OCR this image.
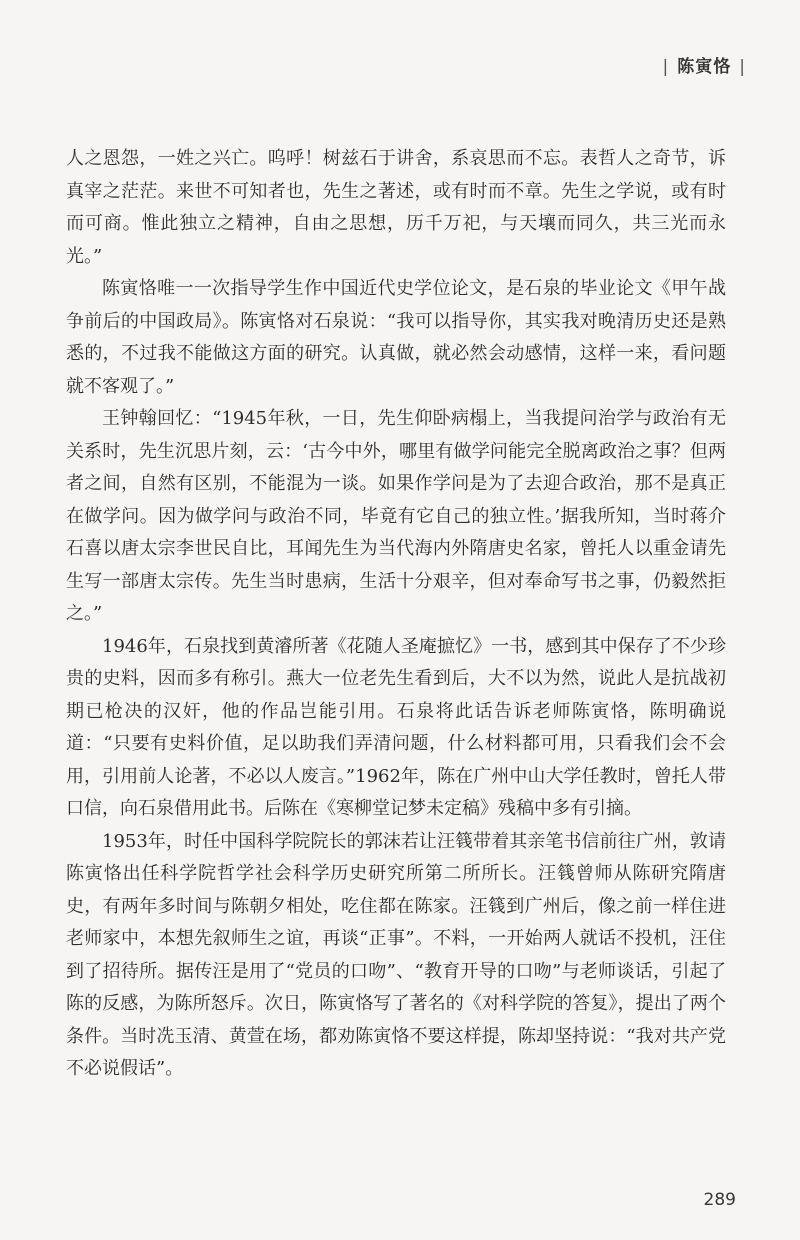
| 陈寅恪 |

人之恩怨，一姓之兴亡。呜呼！树兹石于讲舍，系哀思而不忘。表哲人之奇节，诉真宰之茫茫。来世不可知者也，先生之著述，或有时而不章。先生之学说，或有时而可商。惟此独立之精神，自由之思想，历千万祀，与天壤而同久，共三光而永光。”

陈寅恪唯一一次指导学生作中国近代史学位论文，是石泉的毕业论文《甲午战争前后的中国政局》。陈寅恪对石泉说：“我可以指导你，其实我对晚清历史还是熟悉的，不过我不能做这方面的研究。认真做，就必然会动感情，这样一来，看问题就不客观了。”

王钟翰回忆：“1945年秋，一日，先生仰卧病榻上，当我提问治学与政治有无关系时，先生沉思片刻，云：‘古今中外，哪里有做学问能完全脱离政治之事？但两者之间，自然有区别，不能混为一谈。如果作学问是为了去迎合政治，那不是真正在做学问。因为做学问与政治不同，毕竟有它自己的独立性。’据我所知，当时蒋介石喜以唐太宗李世民自比，耳闻先生为当代海内外隋唐史名家，曾托人以重金请先生写一部唐太宗传。先生当时患病，生活十分艰辛，但对奉命写书之事，仍毅然拒之。”

1946年，石泉找到黄濬所著《花随人圣庵摭忆》一书，感到其中保存了不少珍贵的史料，因而多有称引。燕大一位老先生看到后，大不以为然，说此人是抗战初期已枪决的汉奸，他的作品岂能引用。石泉将此话告诉老师陈寅恪，陈明确说道：“只要有史料价值，足以助我们弄清问题，什么材料都可用，只看我们会不会用，引用前人论著，不必以人废言。”1962年，陈在广州中山大学任教时，曾托人带口信，向石泉借用此书。后陈在《寒柳堂记梦未定稿》残稿中多有引摘。

1953年，时任中国科学院院长的郭沫若让汪篯带着其亲笔书信前往广州，敦请陈寅恪出任科学院哲学社会科学历史研究所第二所所长。汪篯曾师从陈研究隋唐史，有两年多时间与陈朝夕相处，吃住都在陈家。汪篯到广州后，像之前一样住进老师家中，本想先叙师生之谊，再谈“正事”。不料，一开始两人就话不投机，汪住到了招待所。据传汪是用了“党员的口吻”、“教育开导的口吻”与老师谈话，引起了陈的反感，为陈所怒斥。次日，陈寅恪写了著名的《对科学院的答复》，提出了两个条件。当时冼玉清、黄萱在场，都劝陈寅恪不要这样提，陈却坚持说：“我对共产党不必说假话”。

289
